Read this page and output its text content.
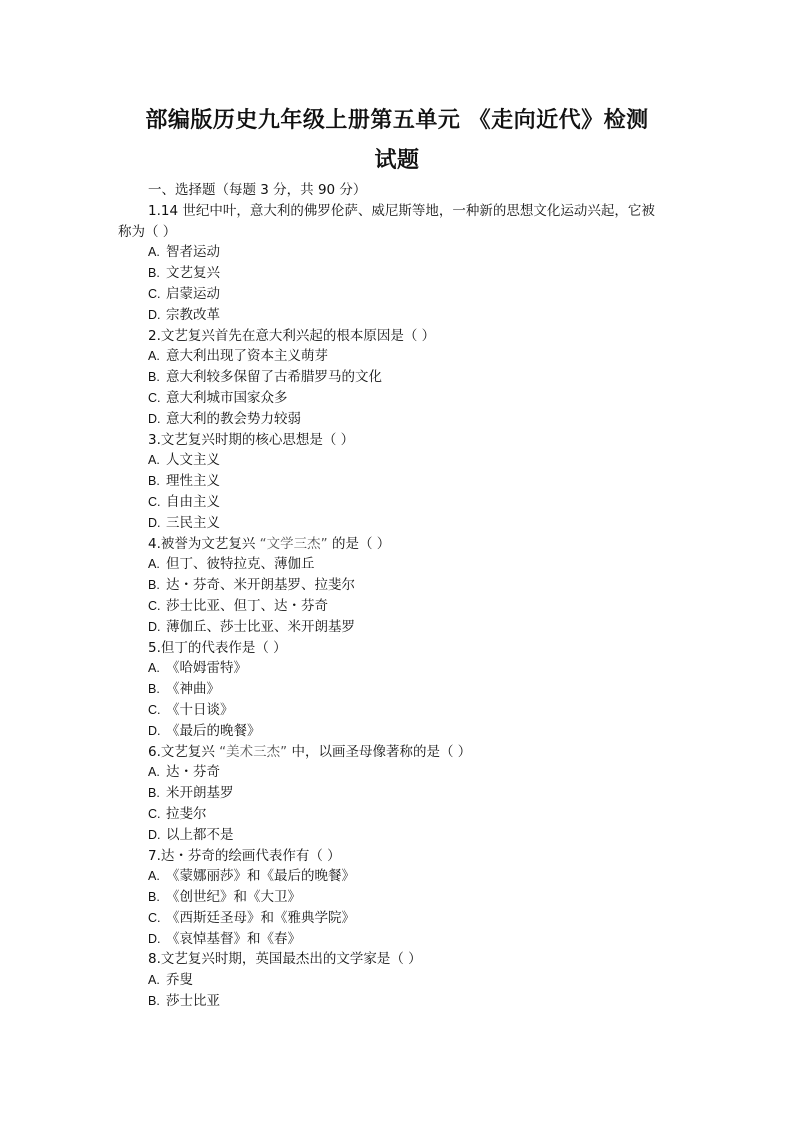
部编版历史九年级上册第五单元 《走向近代》检测
试题
一、选择题（每题 3 分，共 90 分）
1.14 世纪中叶，意大利的佛罗伦萨、威尼斯等地，一种新的思想文化运动兴起，它被
称为（ ）
A. 智者运动
B. 文艺复兴
C. 启蒙运动
D. 宗教改革
2.文艺复兴首先在意大利兴起的根本原因是（ ）
A. 意大利出现了资本主义萌芽
B. 意大利较多保留了古希腊罗马的文化
C. 意大利城市国家众多
D. 意大利的教会势力较弱
3.文艺复兴时期的核心思想是（ ）
A. 人文主义
B. 理性主义
C. 自由主义
D. 三民主义
4.被誉为文艺复兴 “文学三杰” 的是（ ）
A. 但丁、彼特拉克、薄伽丘
B. 达・芬奇、米开朗基罗、拉斐尔
C. 莎士比亚、但丁、达・芬奇
D. 薄伽丘、莎士比亚、米开朗基罗
5.但丁的代表作是（ ）
A. 《哈姆雷特》
B. 《神曲》
C. 《十日谈》
D. 《最后的晚餐》
6.文艺复兴 “美术三杰” 中，以画圣母像著称的是（ ）
A. 达・芬奇
B. 米开朗基罗
C. 拉斐尔
D. 以上都不是
7.达・芬奇的绘画代表作有（ ）
A. 《蒙娜丽莎》和《最后的晚餐》
B. 《创世纪》和《大卫》
C. 《西斯廷圣母》和《雅典学院》
D. 《哀悼基督》和《春》
8.文艺复兴时期，英国最杰出的文学家是（ ）
A. 乔叟
B. 莎士比亚
